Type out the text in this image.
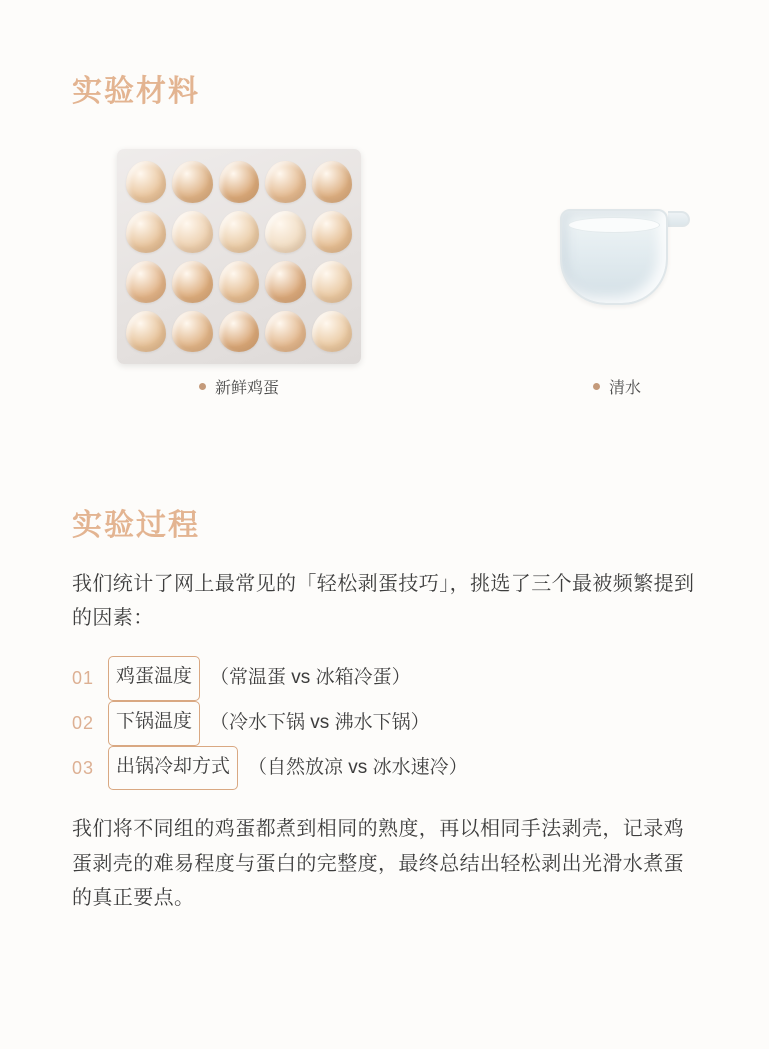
实验材料
新鲜鸡蛋	清水
实验过程

我们统计了网上最常见的「轻松剥蛋技巧」，挑选了三个最被频繁提到的因素：

01	鸡蛋温度 （常温蛋 vs 冰箱冷蛋）
02	下锅温度 （冷水下锅 vs 沸水下锅）
03	出锅冷却方式 （自然放凉 vs 冰水速冷）

我们将不同组的鸡蛋都煮到相同的熟度，再以相同手法剥壳，记录鸡蛋剥壳的难易程度与蛋白的完整度，最终总结出轻松剥出光滑水煮蛋的真正要点。
